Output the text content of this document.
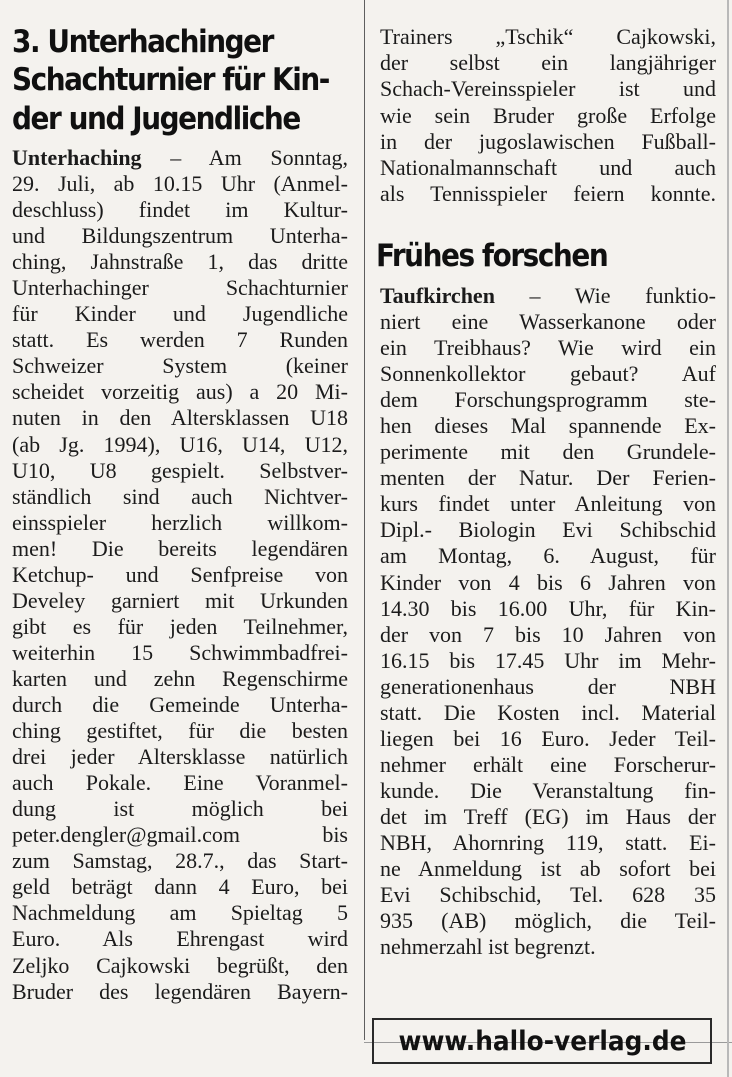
3. Unterhachinger
Schachturnier für Kin-
der und Jugendliche
Unterhaching – Am Sonntag,
29. Juli, ab 10.15 Uhr (Anmel-
deschluss) findet im Kultur-
und Bildungszentrum Unterha-
ching, Jahnstraße 1, das dritte
Unterhachinger Schachturnier
für Kinder und Jugendliche
statt. Es werden 7 Runden
Schweizer System (keiner
scheidet vorzeitig aus) a 20 Mi-
nuten in den Altersklassen U18
(ab Jg. 1994), U16, U14, U12,
U10, U8 gespielt. Selbstver-
ständlich sind auch Nichtver-
einsspieler herzlich willkom-
men! Die bereits legendären
Ketchup- und Senfpreise von
Develey garniert mit Urkunden
gibt es für jeden Teilnehmer,
weiterhin 15 Schwimmbadfrei-
karten und zehn Regenschirme
durch die Gemeinde Unterha-
ching gestiftet, für die besten
drei jeder Altersklasse natürlich
auch Pokale. Eine Voranmel-
dung ist möglich bei
peter.dengler@gmail.com bis
zum Samstag, 28.7., das Start-
geld beträgt dann 4 Euro, bei
Nachmeldung am Spieltag 5
Euro. Als Ehrengast wird
Zeljko Cajkowski begrüßt, den
Bruder des legendären Bayern-
Trainers „Tschik“ Cajkowski,
der selbst ein langjähriger
Schach-Vereinsspieler ist und
wie sein Bruder große Erfolge
in der jugoslawischen Fußball-
Nationalmannschaft und auch
als Tennisspieler feiern konnte.
Frühes forschen
Taufkirchen – Wie funktio-
niert eine Wasserkanone oder
ein Treibhaus? Wie wird ein
Sonnenkollektor gebaut? Auf
dem Forschungsprogramm ste-
hen dieses Mal spannende Ex-
perimente mit den Grundele-
menten der Natur. Der Ferien-
kurs findet unter Anleitung von
Dipl.- Biologin Evi Schibschid
am Montag, 6. August, für
Kinder von 4 bis 6 Jahren von
14.30 bis 16.00 Uhr, für Kin-
der von 7 bis 10 Jahren von
16.15 bis 17.45 Uhr im Mehr-
generationenhaus der NBH
statt. Die Kosten incl. Material
liegen bei 16 Euro. Jeder Teil-
nehmer erhält eine Forscherur-
kunde. Die Veranstaltung fin-
det im Treff (EG) im Haus der
NBH, Ahornring 119, statt. Ei-
ne Anmeldung ist ab sofort bei
Evi Schibschid, Tel. 628 35
935 (AB) möglich, die Teil-
nehmerzahl ist begrenzt.
www.hallo-verlag.de
